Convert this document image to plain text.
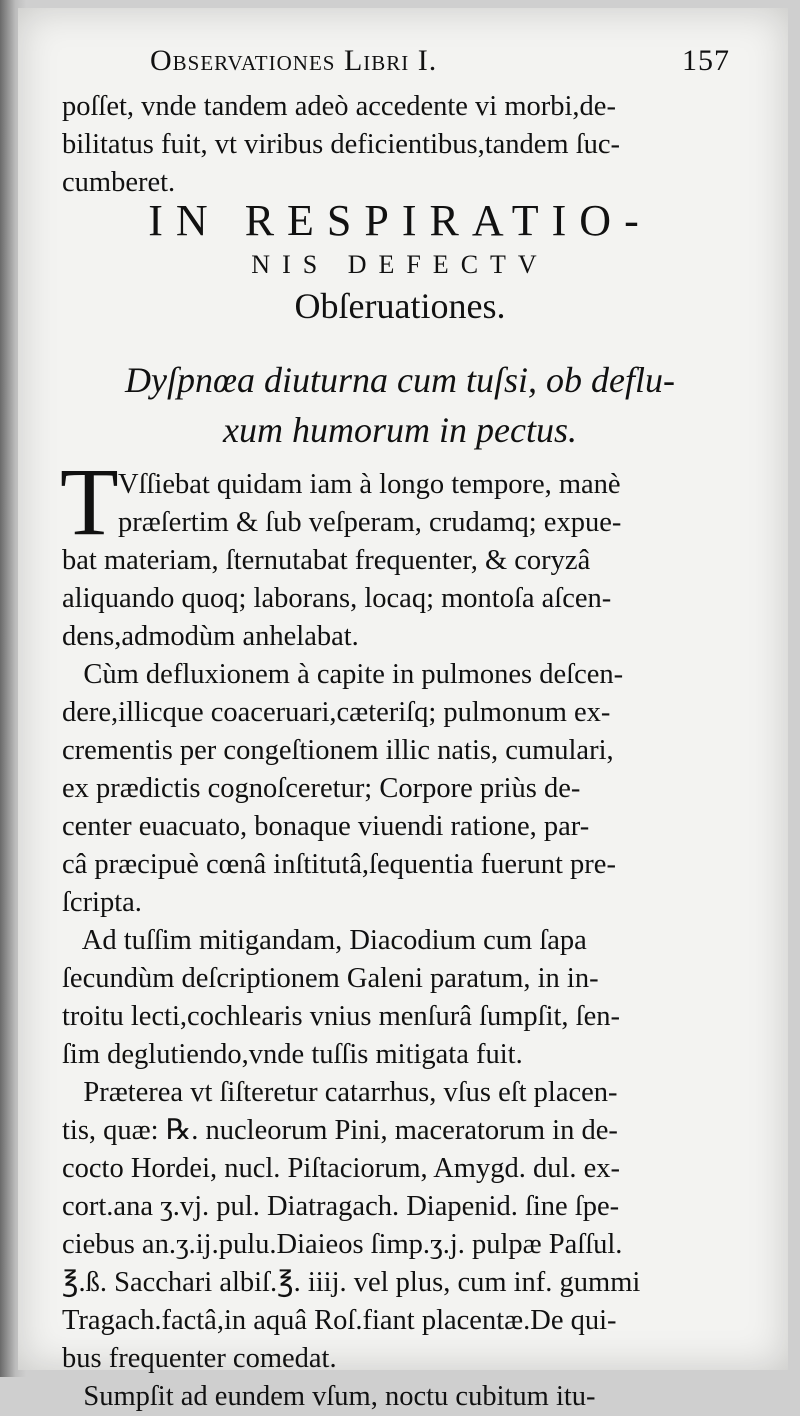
Observationes Libri I.	157
poſſet, vnde tandem adeò accedente vi morbi,de-
bilitatus fuit, vt viribus deficientibus,tandem ſuc-
cumberet.
IN RESPIRATIO-
NIS DEFECTV
Obſeruationes.
Dyſpnœa diuturna cum tuſsi, ob deflu-
xum humorum in pectus.
T Vſſiebat quidam iam à longo tempore, manè
præſertim & ſub veſperam, crudamq; expue-
bat materiam, ſternutabat frequenter, & coryzâ
aliquando quoq; laborans, locaq; montoſa aſcen-
dens,admodùm anhelabat.
Cùm defluxionem à capite in pulmones deſcen-
dere,illicque coaceruari,cæteriſq; pulmonum ex-
crementis per congeſtionem illic natis, cumulari,
ex prædictis cognoſceretur; Corpore priùs de-
center euacuato, bonaque viuendi ratione, par-
câ præcipuè cœnâ inſtitutâ,ſequentia fuerunt pre-
ſcripta.
Ad tuſſim mitigandam, Diacodium cum ſapa
ſecundùm deſcriptionem Galeni paratum, in in-
troitu lecti,cochlearis vnius menſurâ ſumpſit, ſen-
ſim deglutiendo,vnde tuſſis mitigata fuit.
Præterea vt ſiſteretur catarrhus, vſus eſt placen-
tis, quæ: ℞. nucleorum Pini, maceratorum in de-
cocto Hordei, nucl. Piſtaciorum, Amygd. dul. ex-
cort.ana ʒ.vj. pul. Diatragach. Diapenid. ſine ſpe-
ciebus an.ʒ.ij.pulu.Diaieos ſimp.ʒ.j. pulpæ Paſſul.
℥.ß. Sacchari albiſ.℥. iiij. vel plus, cum inf. gummi
Tragach.factâ,in aquâ Roſ.fiant placentæ.De qui-
bus frequenter comedat.
Sumpſit ad eundem vſum, noctu cubitum itu-
